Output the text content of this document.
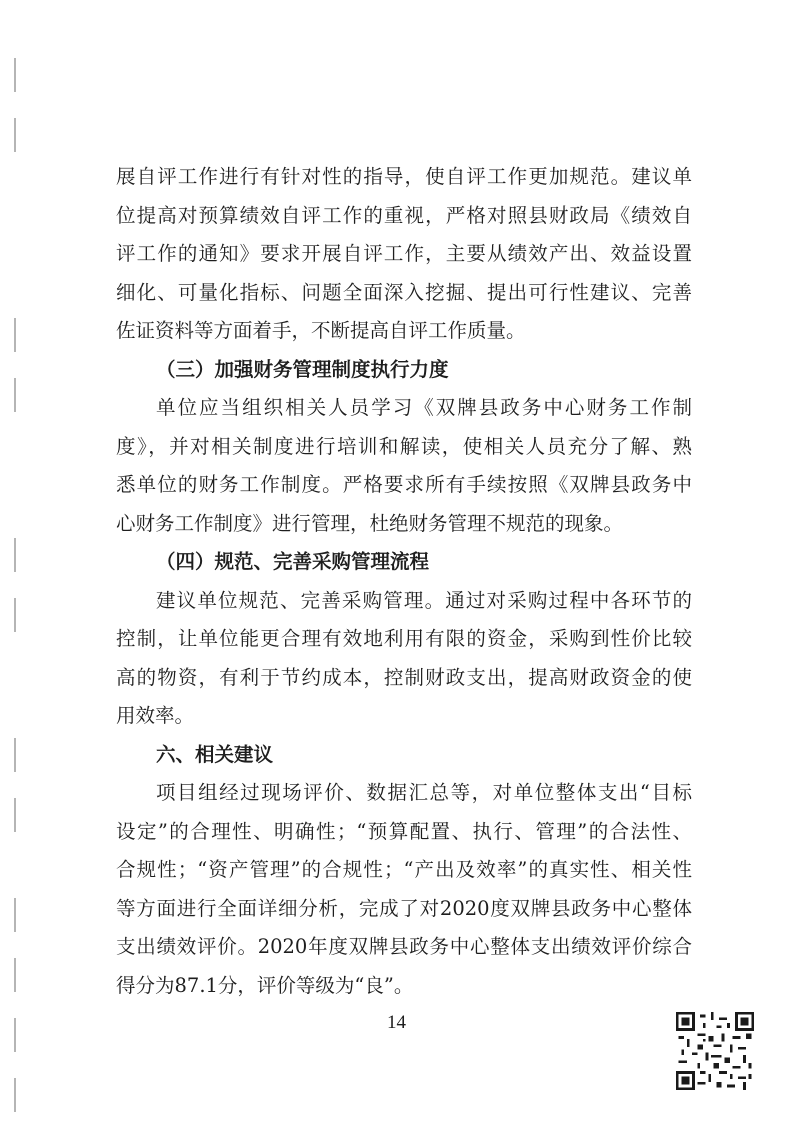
展自评工作进行有针对性的指导，使自评工作更加规范。建议单
位提高对预算绩效自评工作的重视，严格对照县财政局《绩效自
评工作的通知》要求开展自评工作，主要从绩效产出、效益设置
细化、可量化指标、问题全面深入挖掘、提出可行性建议、完善
佐证资料等方面着手，不断提高自评工作质量。

（三）加强财务管理制度执行力度

单位应当组织相关人员学习《双牌县政务中心财务工作制
度》，并对相关制度进行培训和解读，使相关人员充分了解、熟
悉单位的财务工作制度。严格要求所有手续按照《双牌县政务中
心财务工作制度》进行管理，杜绝财务管理不规范的现象。

（四）规范、完善采购管理流程

建议单位规范、完善采购管理。通过对采购过程中各环节的
控制，让单位能更合理有效地利用有限的资金，采购到性价比较
高的物资，有利于节约成本，控制财政支出，提高财政资金的使
用效率。

六、相关建议

项目组经过现场评价、数据汇总等，对单位整体支出“目标
设定”的合理性、明确性；“预算配置、执行、管理”的合法性、
合规性；“资产管理”的合规性；“产出及效率”的真实性、相关性
等方面进行全面详细分析，完成了对2020度双牌县政务中心整体
支出绩效评价。2020年度双牌县政务中心整体支出绩效评价综合
得分为87.1分，评价等级为“良”。

14
